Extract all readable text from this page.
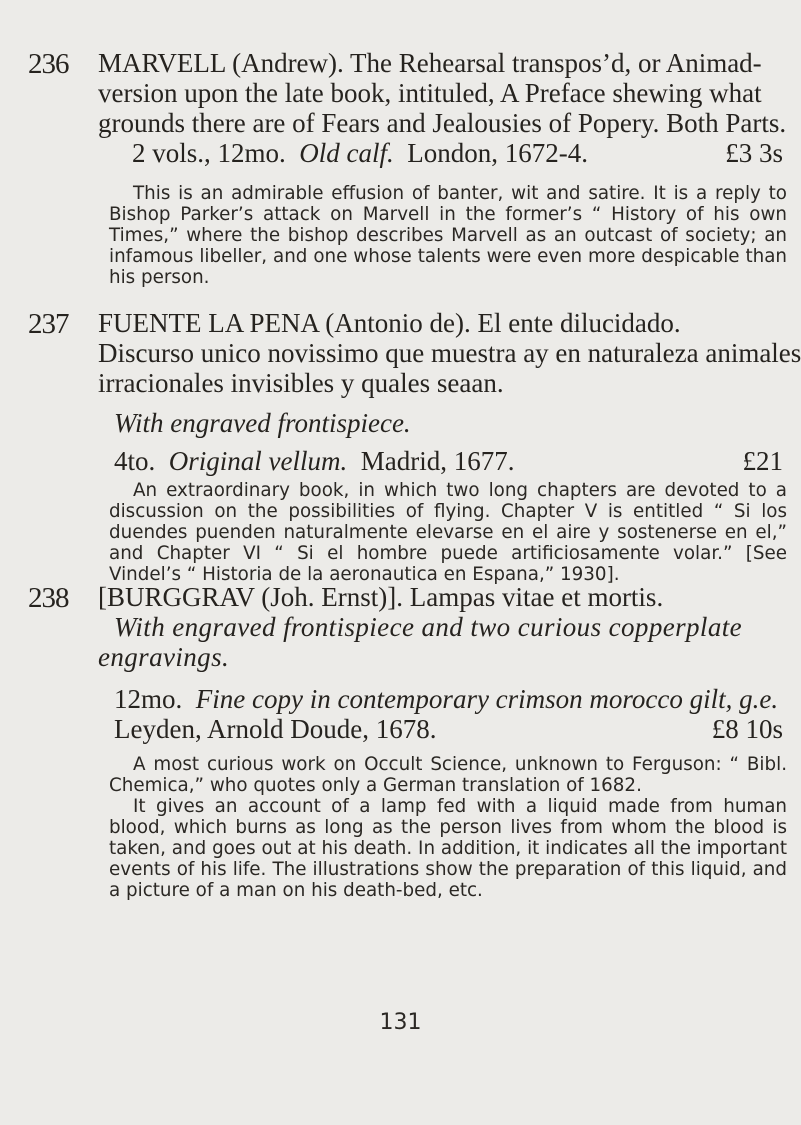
236 MARVELL (Andrew). The Rehearsal transpos’d, or Animad-
version upon the late book, intituled, A Preface shewing what
grounds there are of Fears and Jealousies of Popery. Both Parts.
2 vols., 12mo. Old calf. London, 1672-4.	£3 3s

This is an admirable effusion of banter, wit and satire. It is a reply to Bishop Parker’s attack on Marvell in the former’s “ History of his own Times,” where the bishop describes Marvell as an outcast of society; an infamous libeller, and one whose talents were even more despicable than his person.

237 FUENTE LA PENA (Antonio de). El ente dilucidado.
Discurso unico novissimo que muestra ay en naturaleza animales
irracionales invisibles y quales seaan.
With engraved frontispiece.
4to. Original vellum. Madrid, 1677.	£21

An extraordinary book, in which two long chapters are devoted to a discussion on the possibilities of flying. Chapter V is entitled “ Si los duendes puenden naturalmente elevarse en el aire y sostenerse en el,” and Chapter VI “ Si el hombre puede artificiosamente volar.” [See Vindel’s “ Historia de la aeronautica en Espana,” 1930].

238 [BURGGRAV (Joh. Ernst)]. Lampas vitae et mortis.
With engraved frontispiece and two curious copperplate
engravings.
12mo. Fine copy in contemporary crimson morocco gilt, g.e.
Leyden, Arnold Doude, 1678.	£8 10s

A most curious work on Occult Science, unknown to Ferguson: “ Bibl. Chemica,” who quotes only a German translation of 1682.

It gives an account of a lamp fed with a liquid made from human blood, which burns as long as the person lives from whom the blood is taken, and goes out at his death. In addition, it indicates all the important events of his life. The illustrations show the preparation of this liquid, and a picture of a man on his death-bed, etc.

131
